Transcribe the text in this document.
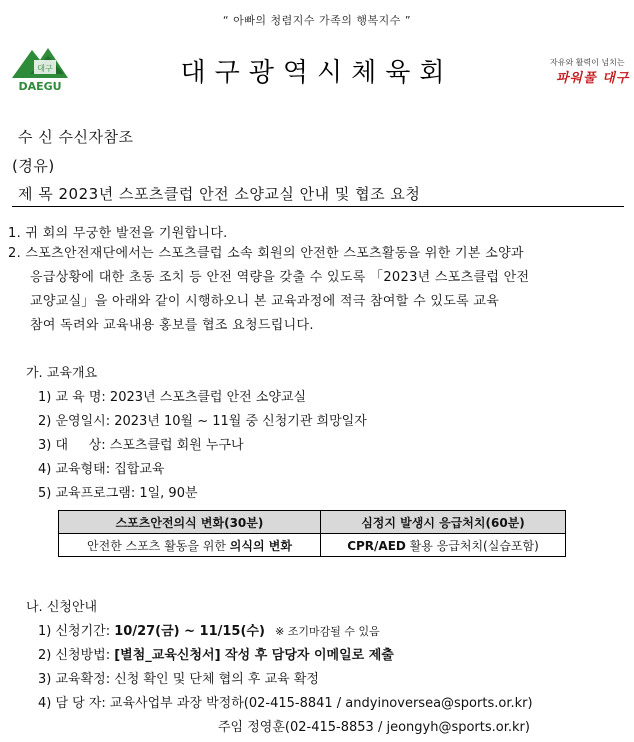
“ 아빠의 청렴지수 가족의 행복지수 ”
대구
DAEGU	대구광역시체육회	자유와 활력이 넘치는
파워풀 대구
수 신 수신자참조
(경유)
제 목 2023년 스포츠클럽 안전 소양교실 안내 및 협조 요청
1. 귀 회의 무궁한 발전을 기원합니다.
2. 스포츠안전재단에서는 스포츠클럽 소속 회원의 안전한 스포츠활동을 위한 기본 소양과
응급상황에 대한 초동 조치 등 안전 역량을 갖출 수 있도록 「2023년 스포츠클럽 안전
교양교실」을 아래와 같이 시행하오니 본 교육과정에 적극 참여할 수 있도록 교육
참여 독려와 교육내용 홍보를 협조 요청드립니다.
가. 교육개요
1) 교 육 명: 2023년 스포츠클럽 안전 소양교실
2) 운영일시: 2023년 10월 ~ 11월 중 신청기관 희망일자
3) 대     상: 스포츠클럽 회원 누구나
4) 교육형태: 집합교육
5) 교육프로그램: 1일, 90분
스포츠안전의식 변화(30분)	심정지 발생시 응급처치(60분)
안전한 스포츠 활동을 위한 의식의 변화	CPR/AED 활용 응급처치(실습포함)
나. 신청안내
1) 신청기간: 10/27(금) ~ 11/15(수) ※ 조기마감될 수 있음
2) 신청방법: [별첨_교육신청서] 작성 후 담당자 이메일로 제출
3) 교육확정: 신청 확인 및 단체 협의 후 교육 확정
4) 담 당 자: 교육사업부 과장 박정하(02-415-8841 / andyinoversea@sports.or.kr)
주임 정영훈(02-415-8853 / jeongyh@sports.or.kr)
